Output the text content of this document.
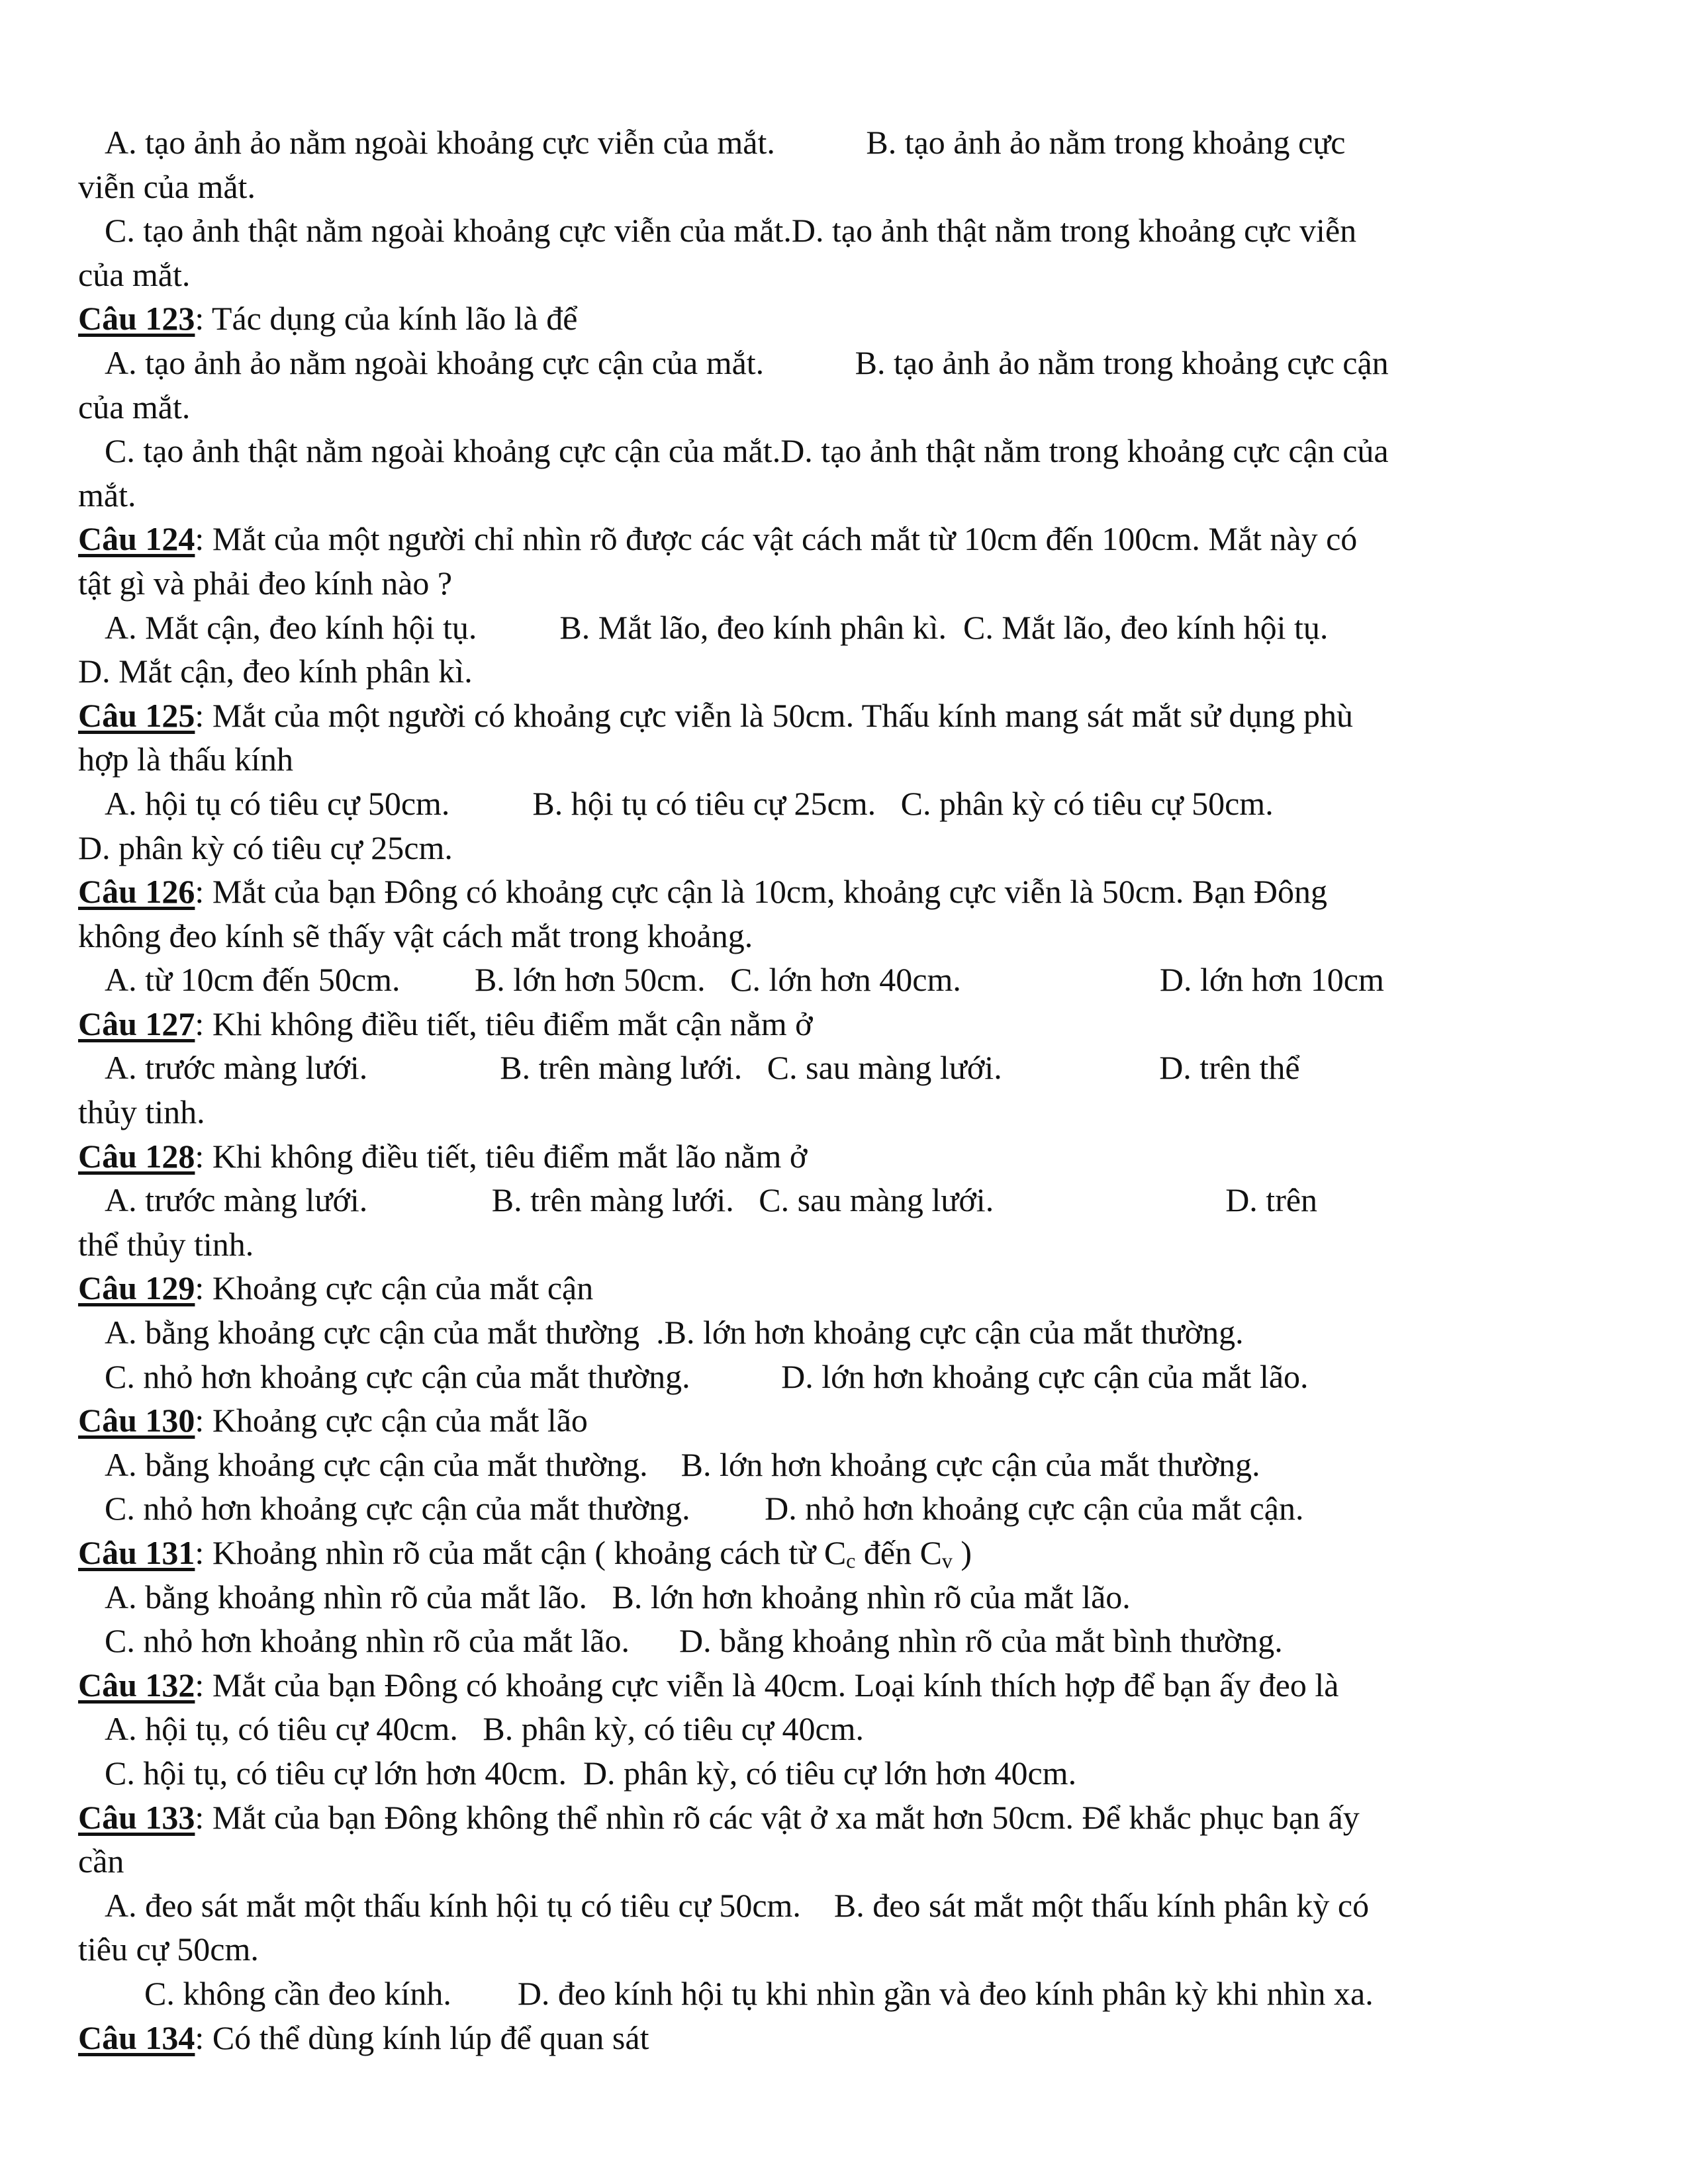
A. tạo ảnh ảo nằm ngoài khoảng cực viễn của mắt.           B. tạo ảnh ảo nằm trong khoảng cực
viễn của mắt.
C. tạo ảnh thật nằm ngoài khoảng cực viễn của mắt.D. tạo ảnh thật nằm trong khoảng cực viễn
của mắt.
Câu 123: Tác dụng của kính lão là để
A. tạo ảnh ảo nằm ngoài khoảng cực cận của mắt.           B. tạo ảnh ảo nằm trong khoảng cực cận
của mắt.
C. tạo ảnh thật nằm ngoài khoảng cực cận của mắt.D. tạo ảnh thật nằm trong khoảng cực cận của
mắt.
Câu 124: Mắt của một người chỉ nhìn rõ được các vật cách mắt từ 10cm đến 100cm. Mắt này có
tật gì và phải đeo kính nào ?
A. Mắt cận, đeo kính hội tụ.          B. Mắt lão, đeo kính phân kì.  C. Mắt lão, đeo kính hội tụ.
D. Mắt cận, đeo kính phân kì.
Câu 125: Mắt của một người có khoảng cực viễn là 50cm. Thấu kính mang sát mắt sử dụng phù
hợp là thấu kính
A. hội tụ có tiêu cự 50cm.          B. hội tụ có tiêu cự 25cm.   C. phân kỳ có tiêu cự 50cm.
D. phân kỳ có tiêu cự 25cm.
Câu 126: Mắt của bạn Đông có khoảng cực cận là 10cm, khoảng cực viễn là 50cm. Bạn Đông
không đeo kính sẽ thấy vật cách mắt trong khoảng.
A. từ 10cm đến 50cm.         B. lớn hơn 50cm.   C. lớn hơn 40cm.                        D. lớn hơn 10cm
Câu 127: Khi không điều tiết, tiêu điểm mắt cận nằm ở
A. trước màng lưới.                B. trên màng lưới.   C. sau màng lưới.                   D. trên thể
thủy tinh.
Câu 128: Khi không điều tiết, tiêu điểm mắt lão nằm ở
A. trước màng lưới.               B. trên màng lưới.   C. sau màng lưới.                            D. trên
thể thủy tinh.
Câu 129: Khoảng cực cận của mắt cận
A. bằng khoảng cực cận của mắt thường  .B. lớn hơn khoảng cực cận của mắt thường.
C. nhỏ hơn khoảng cực cận của mắt thường.           D. lớn hơn khoảng cực cận của mắt lão.
Câu 130: Khoảng cực cận của mắt lão
A. bằng khoảng cực cận của mắt thường.    B. lớn hơn khoảng cực cận của mắt thường.
C. nhỏ hơn khoảng cực cận của mắt thường.         D. nhỏ hơn khoảng cực cận của mắt cận.
Câu 131: Khoảng nhìn rõ của mắt cận ( khoảng cách từ Cc đến Cv )
A. bằng khoảng nhìn rõ của mắt lão.   B. lớn hơn khoảng nhìn rõ của mắt lão.
C. nhỏ hơn khoảng nhìn rõ của mắt lão.      D. bằng khoảng nhìn rõ của mắt bình thường.
Câu 132: Mắt của bạn Đông có khoảng cực viễn là 40cm. Loại kính thích hợp để bạn ấy đeo là
A. hội tụ, có tiêu cự 40cm.   B. phân kỳ, có tiêu cự 40cm.
C. hội tụ, có tiêu cự lớn hơn 40cm.  D. phân kỳ, có tiêu cự lớn hơn 40cm.
Câu 133: Mắt của bạn Đông không thể nhìn rõ các vật ở xa mắt hơn 50cm. Để khắc phục bạn ấy
cần
A. đeo sát mắt một thấu kính hội tụ có tiêu cự 50cm.    B. đeo sát mắt một thấu kính phân kỳ có
tiêu cự 50cm.
C. không cần đeo kính.        D. đeo kính hội tụ khi nhìn gần và đeo kính phân kỳ khi nhìn xa.
Câu 134: Có thể dùng kính lúp để quan sát
